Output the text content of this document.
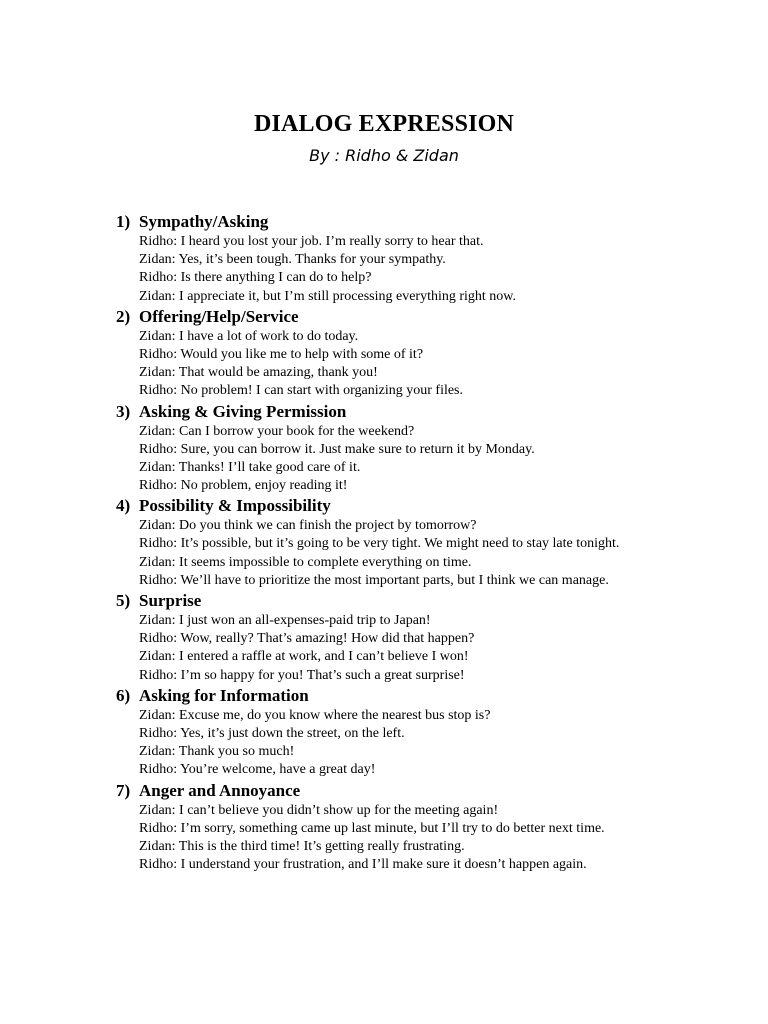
DIALOG EXPRESSION
By : Ridho & Zidan
1) Sympathy/Asking
Ridho: I heard you lost your job. I’m really sorry to hear that.
Zidan: Yes, it’s been tough. Thanks for your sympathy.
Ridho: Is there anything I can do to help?
Zidan: I appreciate it, but I’m still processing everything right now.
2) Offering/Help/Service
Zidan: I have a lot of work to do today.
Ridho: Would you like me to help with some of it?
Zidan: That would be amazing, thank you!
Ridho: No problem! I can start with organizing your files.
3) Asking & Giving Permission
Zidan: Can I borrow your book for the weekend?
Ridho: Sure, you can borrow it. Just make sure to return it by Monday.
Zidan: Thanks! I’ll take good care of it.
Ridho: No problem, enjoy reading it!
4) Possibility & Impossibility
Zidan: Do you think we can finish the project by tomorrow?
Ridho: It’s possible, but it’s going to be very tight. We might need to stay late tonight.
Zidan: It seems impossible to complete everything on time.
Ridho: We’ll have to prioritize the most important parts, but I think we can manage.
5) Surprise
Zidan: I just won an all-expenses-paid trip to Japan!
Ridho: Wow, really? That’s amazing! How did that happen?
Zidan: I entered a raffle at work, and I can’t believe I won!
Ridho: I’m so happy for you! That’s such a great surprise!
6) Asking for Information
Zidan: Excuse me, do you know where the nearest bus stop is?
Ridho: Yes, it’s just down the street, on the left.
Zidan: Thank you so much!
Ridho: You’re welcome, have a great day!
7) Anger and Annoyance
Zidan: I can’t believe you didn’t show up for the meeting again!
Ridho: I’m sorry, something came up last minute, but I’ll try to do better next time.
Zidan: This is the third time! It’s getting really frustrating.
Ridho: I understand your frustration, and I’ll make sure it doesn’t happen again.
